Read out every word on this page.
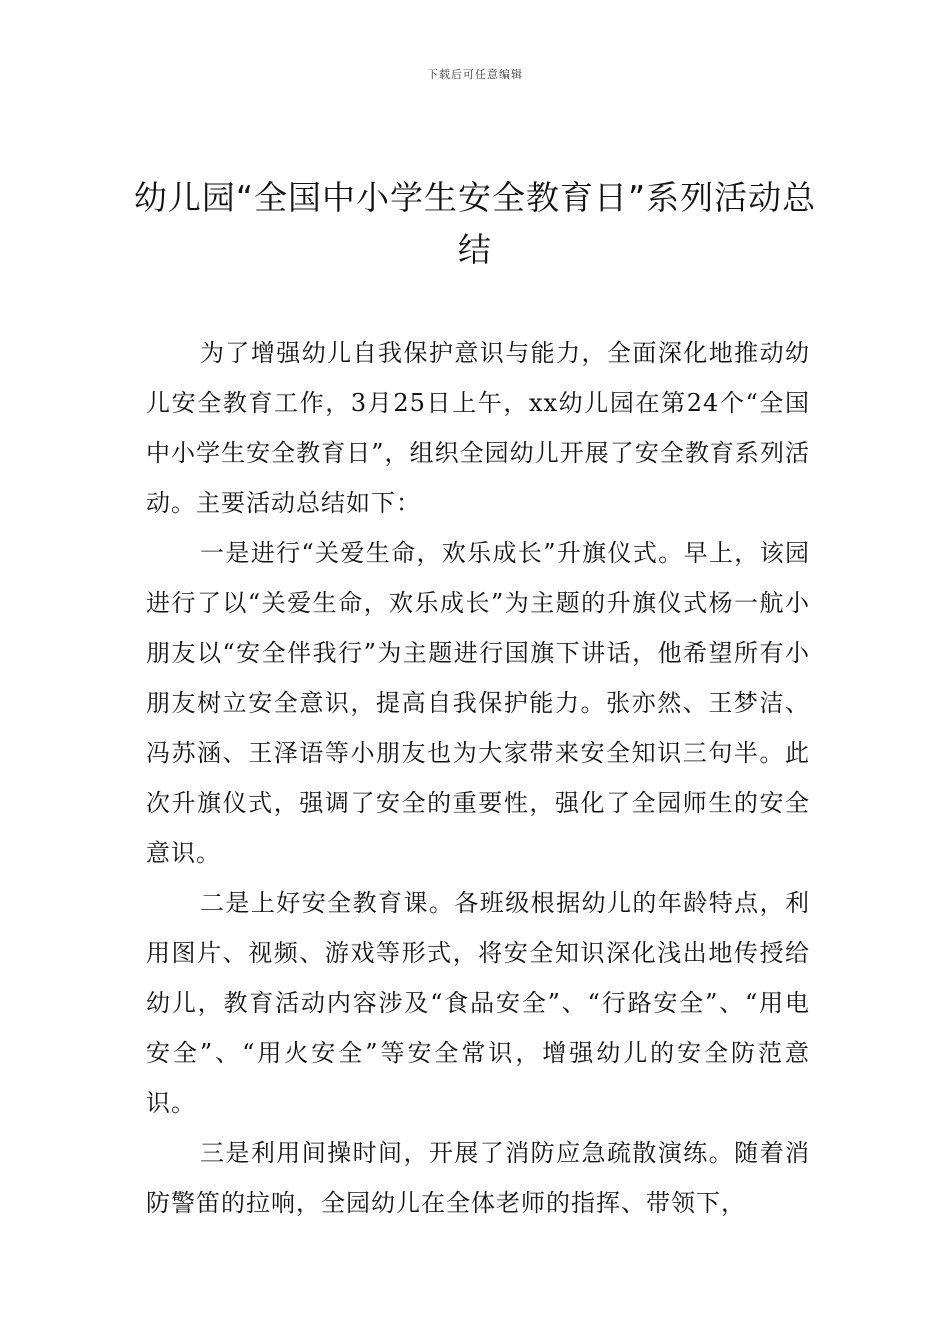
下载后可任意编辑
幼儿园“全国中小学生安全教育日”系列活动总结

为了增强幼儿自我保护意识与能力，全面深化地推动幼儿安全教育工作，3月25日上午，xx幼儿园在第24个“全国中小学生安全教育日”，组织全园幼儿开展了安全教育系列活动。主要活动总结如下：

一是进行“关爱生命，欢乐成长”升旗仪式。早上，该园进行了以“关爱生命，欢乐成长”为主题的升旗仪式杨一航小朋友以“安全伴我行”为主题进行国旗下讲话，他希望所有小朋友树立安全意识，提高自我保护能力。张亦然、王梦洁、冯苏涵、王泽语等小朋友也为大家带来安全知识三句半。此次升旗仪式，强调了安全的重要性，强化了全园师生的安全意识。

二是上好安全教育课。各班级根据幼儿的年龄特点，利用图片、视频、游戏等形式，将安全知识深化浅出地传授给幼儿，教育活动内容涉及“食品安全”、“行路安全”、“用电安全”、“用火安全”等安全常识，增强幼儿的安全防范意识。

三是利用间操时间，开展了消防应急疏散演练。随着消防警笛的拉响，全园幼儿在全体老师的指挥、带领下，
